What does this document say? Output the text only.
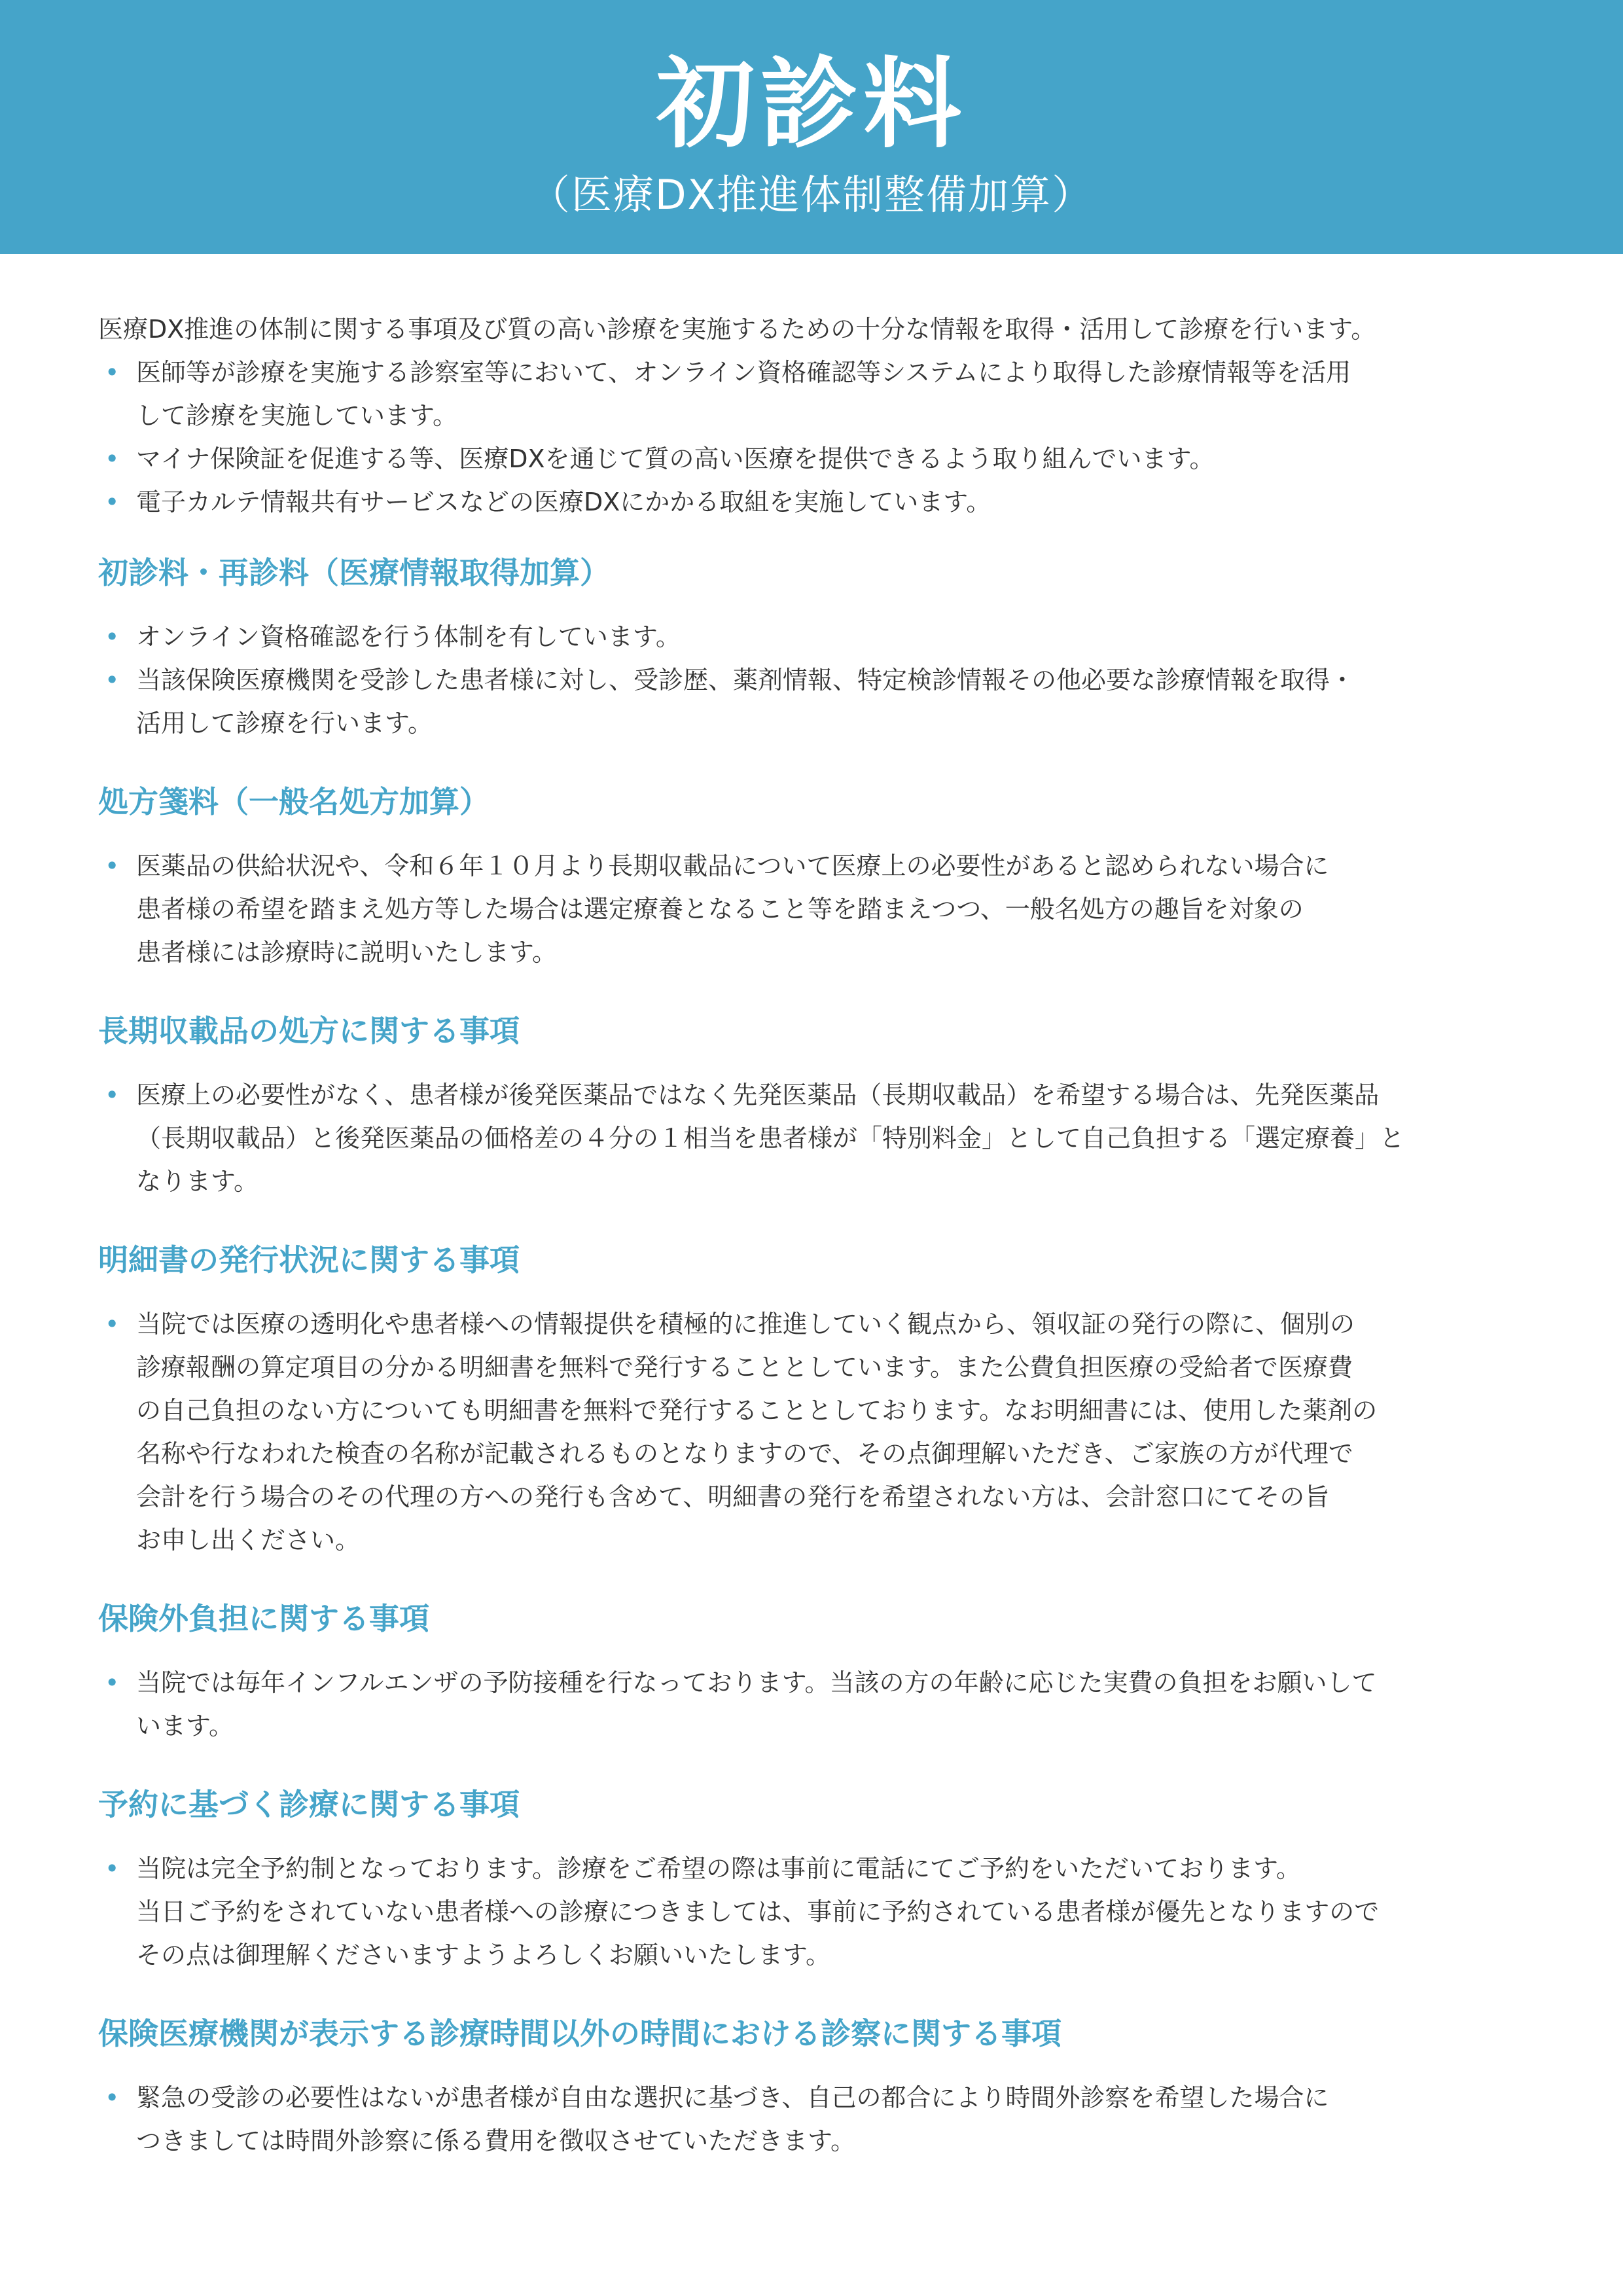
初診料
（医療DX推進体制整備加算）

医療DX推進の体制に関する事項及び質の高い診療を実施するための十分な情報を取得・活用して診療を行います。

• 医師等が診療を実施する診察室等において、オンライン資格確認等システムにより取得した診療情報等を活用
して診療を実施しています。
• マイナ保険証を促進する等、医療DXを通じて質の高い医療を提供できるよう取り組んでいます。
• 電子カルテ情報共有サービスなどの医療DXにかかる取組を実施しています。
初診料・再診料（医療情報取得加算）
• オンライン資格確認を行う体制を有しています。
• 当該保険医療機関を受診した患者様に対し、受診歴、薬剤情報、特定検診情報その他必要な診療情報を取得・
活用して診療を行います。
処方箋料（一般名処方加算）
• 医薬品の供給状況や、令和６年１０月より長期収載品について医療上の必要性があると認められない場合に
患者様の希望を踏まえ処方等した場合は選定療養となること等を踏まえつつ、一般名処方の趣旨を対象の
患者様には診療時に説明いたします。
長期収載品の処方に関する事項
• 医療上の必要性がなく、患者様が後発医薬品ではなく先発医薬品（長期収載品）を希望する場合は、先発医薬品
（長期収載品）と後発医薬品の価格差の４分の１相当を患者様が「特別料金」として自己負担する「選定療養」と
なります。
明細書の発行状況に関する事項
• 当院では医療の透明化や患者様への情報提供を積極的に推進していく観点から、領収証の発行の際に、個別の
診療報酬の算定項目の分かる明細書を無料で発行することとしています。また公費負担医療の受給者で医療費
の自己負担のない方についても明細書を無料で発行することとしております。なお明細書には、使用した薬剤の
名称や行なわれた検査の名称が記載されるものとなりますので、その点御理解いただき、ご家族の方が代理で
会計を行う場合のその代理の方への発行も含めて、明細書の発行を希望されない方は、会計窓口にてその旨
お申し出ください。
保険外負担に関する事項
• 当院では毎年インフルエンザの予防接種を行なっております。当該の方の年齢に応じた実費の負担をお願いして
います。
予約に基づく診療に関する事項
• 当院は完全予約制となっております。診療をご希望の際は事前に電話にてご予約をいただいております。
当日ご予約をされていない患者様への診療につきましては、事前に予約されている患者様が優先となりますので
その点は御理解くださいますようよろしくお願いいたします。
保険医療機関が表示する診療時間以外の時間における診察に関する事項
• 緊急の受診の必要性はないが患者様が自由な選択に基づき、自己の都合により時間外診察を希望した場合に
つきましては時間外診察に係る費用を徴収させていただきます。
